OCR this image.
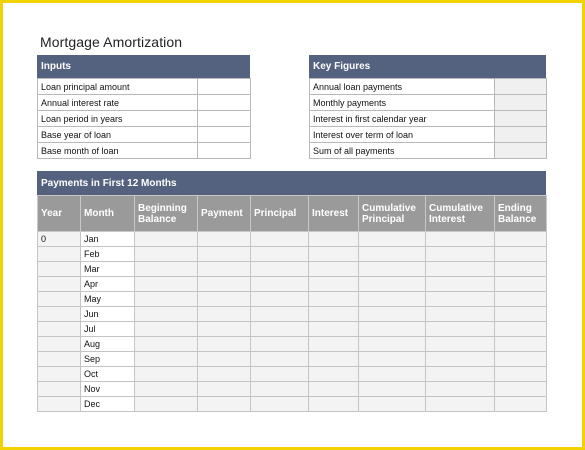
Mortgage Amortization
Inputs
Loan principal amount	
Annual interest rate	
Loan period in years	
Base year of loan	
Base month of loan	
Key Figures
Annual loan payments	
Monthly payments	
Interest in first calendar year	
Interest over term of loan	
Sum of all payments	
Payments in First 12 Months
Year	Month	Beginning Balance	Payment	Principal	Interest	Cumulative Principal	Cumulative Interest	Ending Balance
0	Jan							
	Feb							
	Mar							
	Apr							
	May							
	Jun							
	Jul							
	Aug							
	Sep							
	Oct							
	Nov							
	Dec							
